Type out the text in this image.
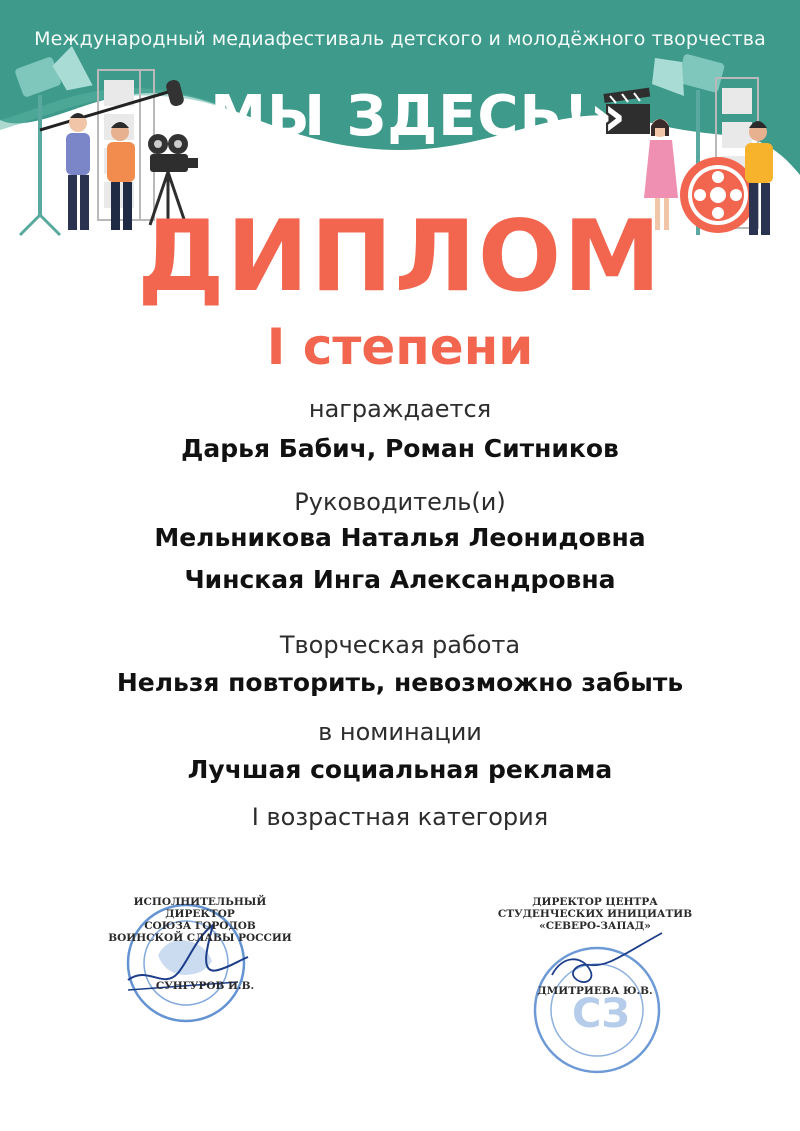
Международный медиафестиваль детского и молодёжного творчества
«МЫ ЗДЕСЬ!»
ДИПЛОМ
I степени
награждается
Дарья Бабич, Роман Ситников
Руководитель(и)
Мельникова Наталья Леонидовна
Чинская Инга Александровна
Творческая работа
Нельзя повторить, невозможно забыть
в номинации
Лучшая социальная реклама
I возрастная категория
СЗ
ИСПОЛНИТЕЛЬНЫЙ ДИРЕКТОР
СОЮЗА ГОРОДОВ
ВОИНСКОЙ СЛАВЫ РОССИИ
СУНГУРОВ И.В.
ДИРЕКТОР ЦЕНТРА
СТУДЕНЧЕСКИХ ИНИЦИАТИВ
«СЕВЕРО-ЗАПАД»
ДМИТРИЕВА Ю.В.
